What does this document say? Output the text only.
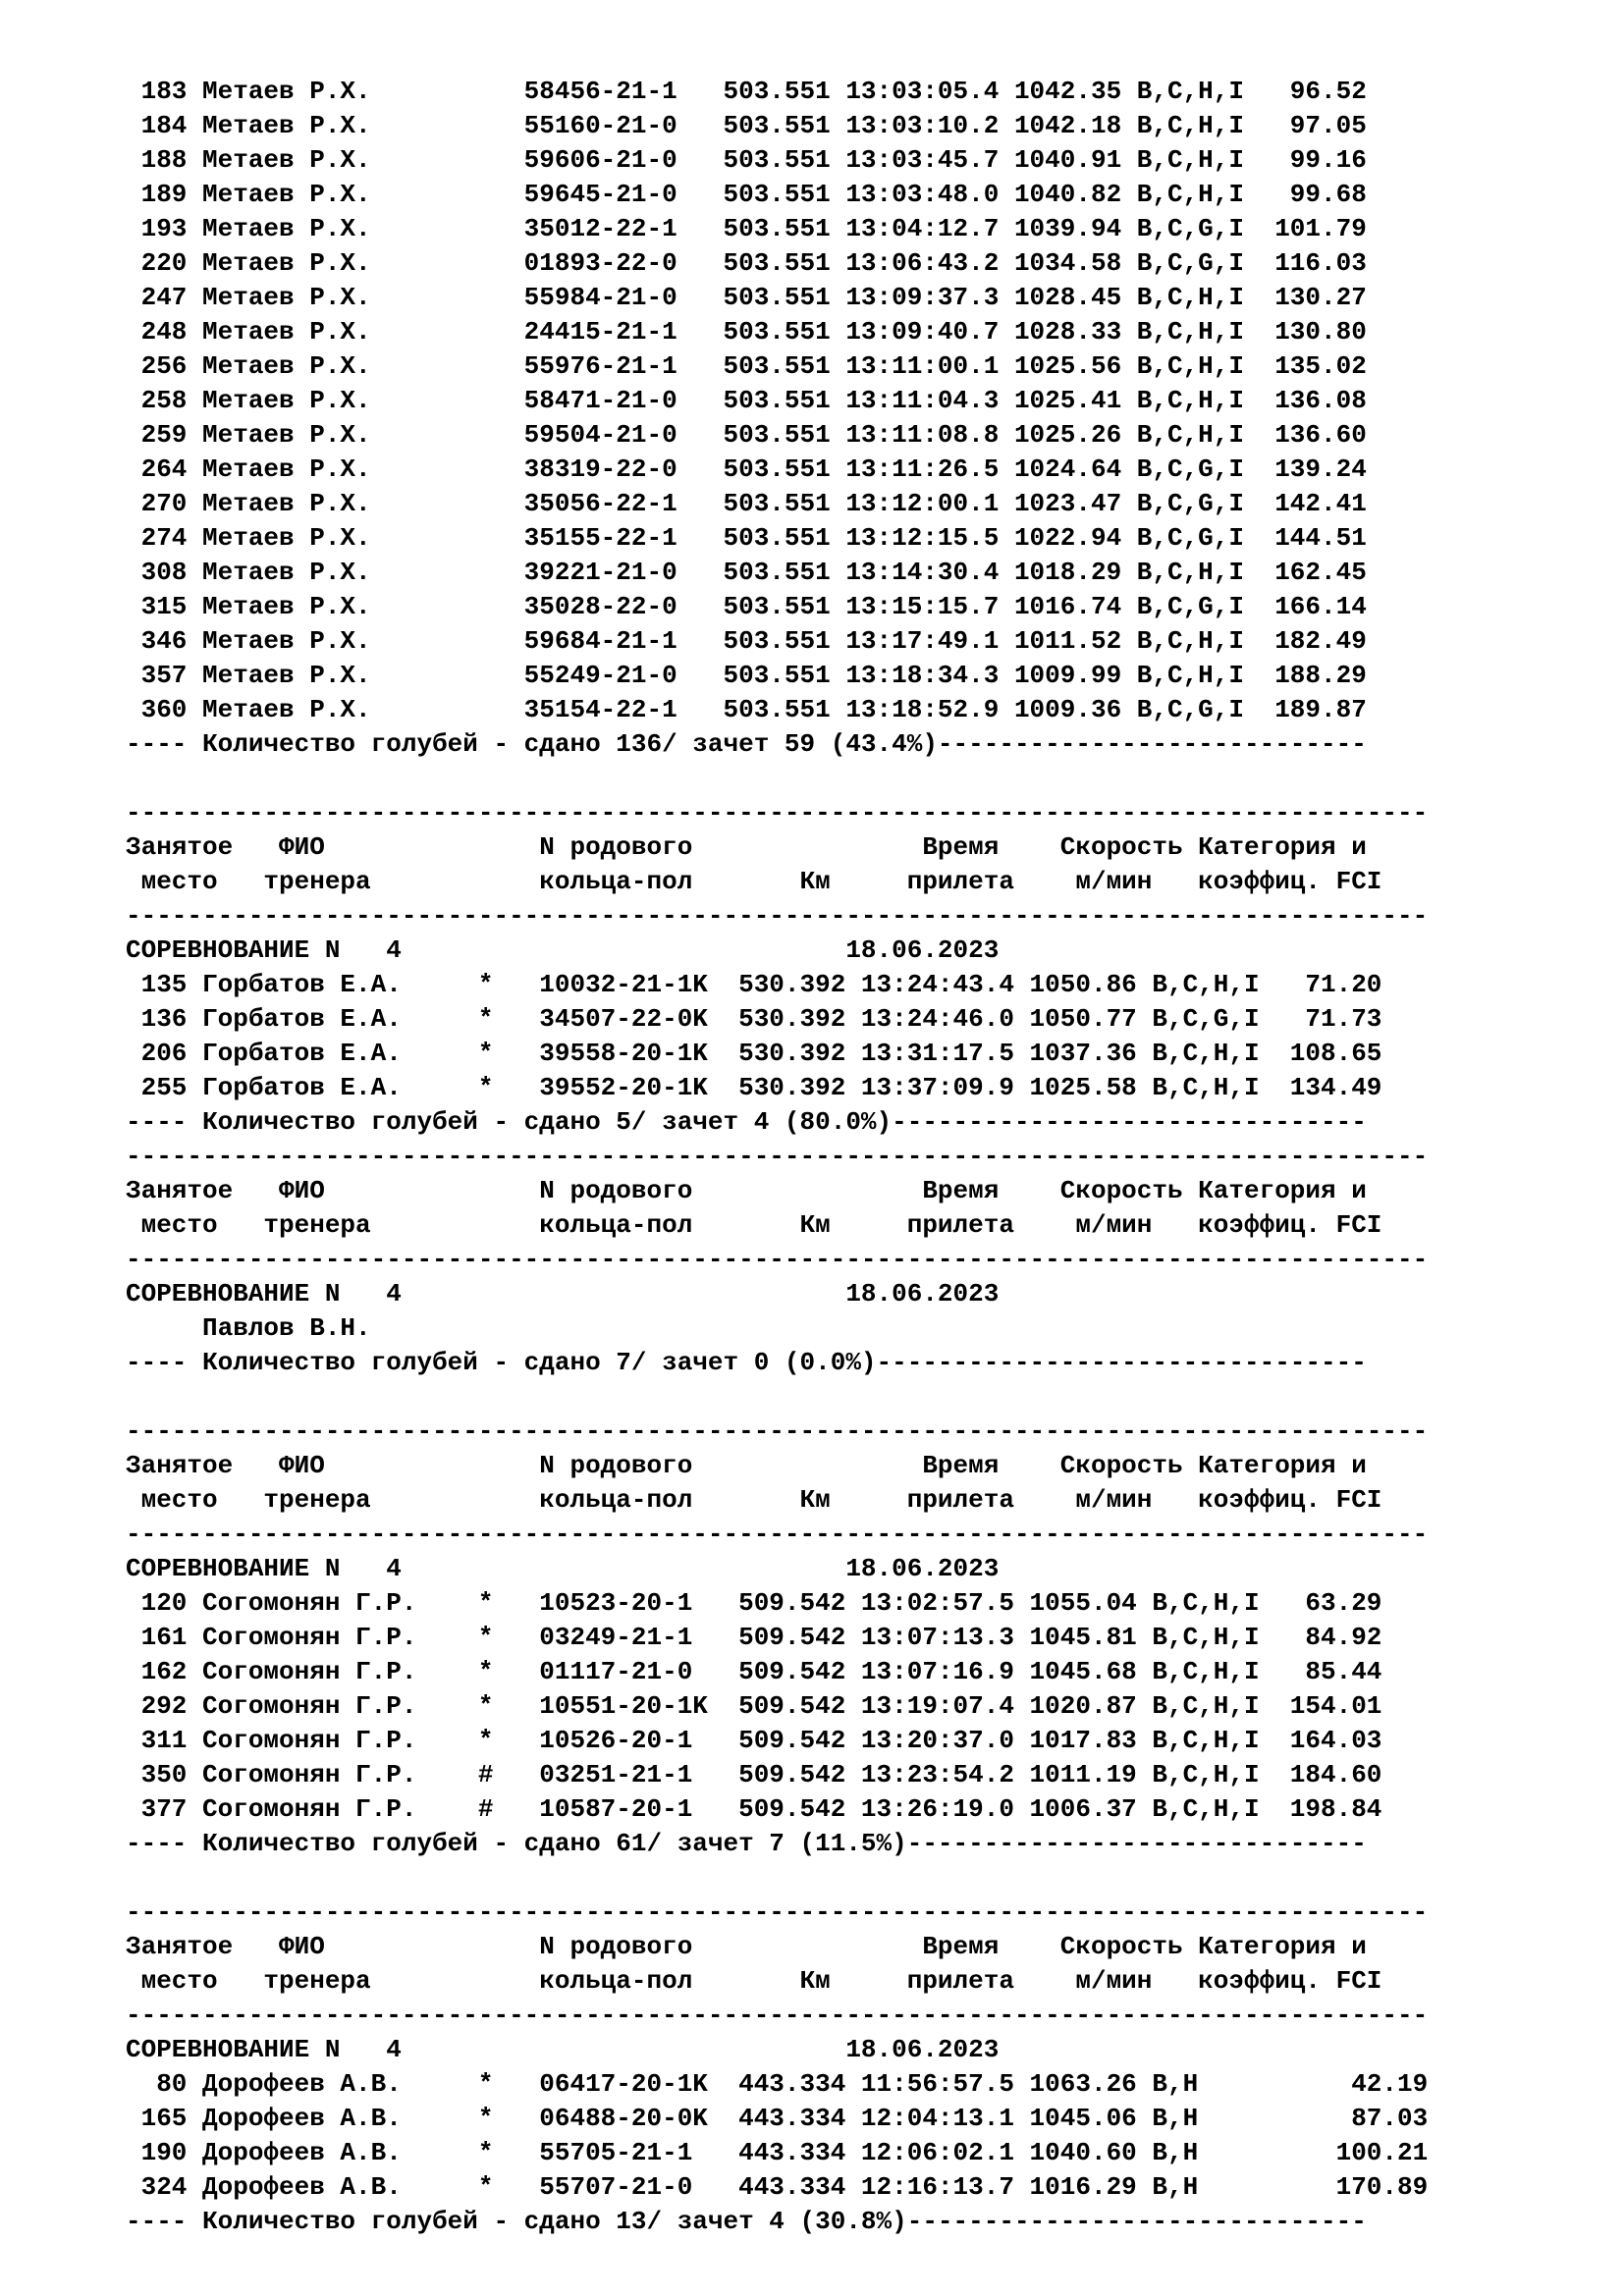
183 Метаев Р.Х.          58456-21-1   503.551 13:03:05.4 1042.35 B,C,H,I   96.52
184 Метаев Р.Х.          55160-21-0   503.551 13:03:10.2 1042.18 B,C,H,I   97.05
188 Метаев Р.Х.          59606-21-0   503.551 13:03:45.7 1040.91 B,C,H,I   99.16
189 Метаев Р.Х.          59645-21-0   503.551 13:03:48.0 1040.82 B,C,H,I   99.68
193 Метаев Р.Х.          35012-22-1   503.551 13:04:12.7 1039.94 B,C,G,I  101.79
220 Метаев Р.Х.          01893-22-0   503.551 13:06:43.2 1034.58 B,C,G,I  116.03
247 Метаев Р.Х.          55984-21-0   503.551 13:09:37.3 1028.45 B,C,H,I  130.27
248 Метаев Р.Х.          24415-21-1   503.551 13:09:40.7 1028.33 B,C,H,I  130.80
256 Метаев Р.Х.          55976-21-1   503.551 13:11:00.1 1025.56 B,C,H,I  135.02
258 Метаев Р.Х.          58471-21-0   503.551 13:11:04.3 1025.41 B,C,H,I  136.08
259 Метаев Р.Х.          59504-21-0   503.551 13:11:08.8 1025.26 B,C,H,I  136.60
264 Метаев Р.Х.          38319-22-0   503.551 13:11:26.5 1024.64 B,C,G,I  139.24
270 Метаев Р.Х.          35056-22-1   503.551 13:12:00.1 1023.47 B,C,G,I  142.41
274 Метаев Р.Х.          35155-22-1   503.551 13:12:15.5 1022.94 B,C,G,I  144.51
308 Метаев Р.Х.          39221-21-0   503.551 13:14:30.4 1018.29 B,C,H,I  162.45
315 Метаев Р.Х.          35028-22-0   503.551 13:15:15.7 1016.74 B,C,G,I  166.14
346 Метаев Р.Х.          59684-21-1   503.551 13:17:49.1 1011.52 B,C,H,I  182.49
357 Метаев Р.Х.          55249-21-0   503.551 13:18:34.3 1009.99 B,C,H,I  188.29
360 Метаев Р.Х.          35154-22-1   503.551 13:18:52.9 1009.36 B,C,G,I  189.87
---- Количество голубей - сдано 136/ зачет 59 (43.4%)----------------------------
-------------------------------------------------------------------------------------
Занятое   ФИО              N родового               Время    Скорость Категория и
место   тренера           кольца-пол       Км     прилета    м/мин   коэффиц. FCI
-------------------------------------------------------------------------------------
СОРЕВНОВАНИЕ N   4                             18.06.2023
135 Горбатов Е.А.     *   10032-21-1K  530.392 13:24:43.4 1050.86 B,C,H,I   71.20
136 Горбатов Е.А.     *   34507-22-0K  530.392 13:24:46.0 1050.77 B,C,G,I   71.73
206 Горбатов Е.А.     *   39558-20-1K  530.392 13:31:17.5 1037.36 B,C,H,I  108.65
255 Горбатов Е.А.     *   39552-20-1K  530.392 13:37:09.9 1025.58 B,C,H,I  134.49
---- Количество голубей - сдано 5/ зачет 4 (80.0%)-------------------------------
-------------------------------------------------------------------------------------
Занятое   ФИО              N родового               Время    Скорость Категория и
место   тренера           кольца-пол       Км     прилета    м/мин   коэффиц. FCI
-------------------------------------------------------------------------------------
СОРЕВНОВАНИЕ N   4                             18.06.2023
Павлов В.Н.
---- Количество голубей - сдано 7/ зачет 0 (0.0%)--------------------------------
-------------------------------------------------------------------------------------
Занятое   ФИО              N родового               Время    Скорость Категория и
место   тренера           кольца-пол       Км     прилета    м/мин   коэффиц. FCI
-------------------------------------------------------------------------------------
СОРЕВНОВАНИЕ N   4                             18.06.2023
120 Согомонян Г.Р.    *   10523-20-1   509.542 13:02:57.5 1055.04 B,C,H,I   63.29
161 Согомонян Г.Р.    *   03249-21-1   509.542 13:07:13.3 1045.81 B,C,H,I   84.92
162 Согомонян Г.Р.    *   01117-21-0   509.542 13:07:16.9 1045.68 B,C,H,I   85.44
292 Согомонян Г.Р.    *   10551-20-1K  509.542 13:19:07.4 1020.87 B,C,H,I  154.01
311 Согомонян Г.Р.    *   10526-20-1   509.542 13:20:37.0 1017.83 B,C,H,I  164.03
350 Согомонян Г.Р.    #   03251-21-1   509.542 13:23:54.2 1011.19 B,C,H,I  184.60
377 Согомонян Г.Р.    #   10587-20-1   509.542 13:26:19.0 1006.37 B,C,H,I  198.84
---- Количество голубей - сдано 61/ зачет 7 (11.5%)------------------------------
-------------------------------------------------------------------------------------
Занятое   ФИО              N родового               Время    Скорость Категория и
место   тренера           кольца-пол       Км     прилета    м/мин   коэффиц. FCI
-------------------------------------------------------------------------------------
СОРЕВНОВАНИЕ N   4                             18.06.2023
80 Дорофеев А.В.     *   06417-20-1K  443.334 11:56:57.5 1063.26 B,H          42.19
165 Дорофеев А.В.     *   06488-20-0K  443.334 12:04:13.1 1045.06 B,H          87.03
190 Дорофеев А.В.     *   55705-21-1   443.334 12:06:02.1 1040.60 B,H         100.21
324 Дорофеев А.В.     *   55707-21-0   443.334 12:16:13.7 1016.29 B,H         170.89
---- Количество голубей - сдано 13/ зачет 4 (30.8%)------------------------------
